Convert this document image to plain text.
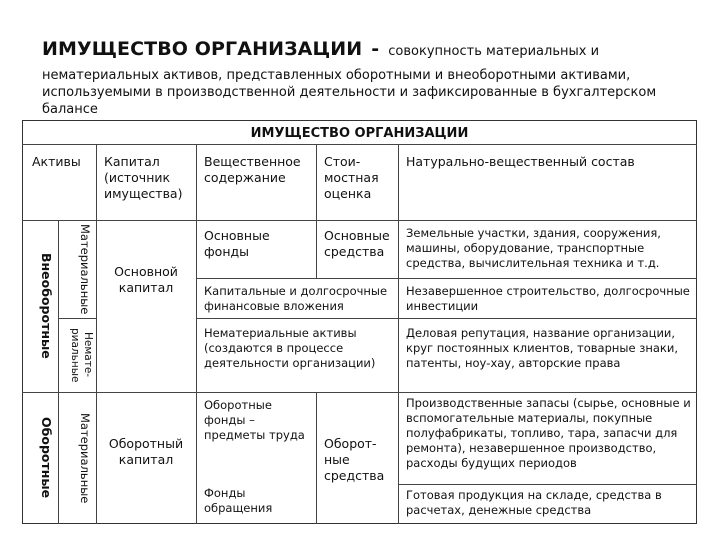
ИМУЩЕСТВО ОРГАНИЗАЦИИ - совокупность материальных и
нематериальных активов, представленных оборотными и внеоборотными активами,
используемыми в производственной деятельности и зафиксированные в бухгалтерском
балансе
ИМУЩЕСТВО ОРГАНИЗАЦИИ
Активы	Капитал (источник имущества)
Вещественное содержание
Стои-мостная оценка
Натурально-вещественный состав
Внеоборотные
Оборотные
Материальные
Немате-риальные
Материальные
Основной капитал
Оборотный капитал
Основные фонды
Основные средства
Земельные участки, здания, сооружения, машины, оборудование, транспортные средства, вычислительная техника и т.д.
Капитальные и долгосрочные финансовые вложения
Незавершенное строительство, долгосрочные инвестиции
Нематериальные активы (создаются в процессе деятельности организации)
Деловая репутация, название организации, круг постоянных клиентов, товарные знаки, патенты, ноу-хау, авторские права
Оборотные фонды – предметы труда
Оборот-ные средства
Производственные запасы (сырье, основные и вспомогательные материалы, покупные полуфабрикаты, топливо, тара, запасчи для ремонта), незавершенное производство, расходы будущих периодов
Фонды обращения
Готовая продукция на складе, средства в расчетах, денежные средства
